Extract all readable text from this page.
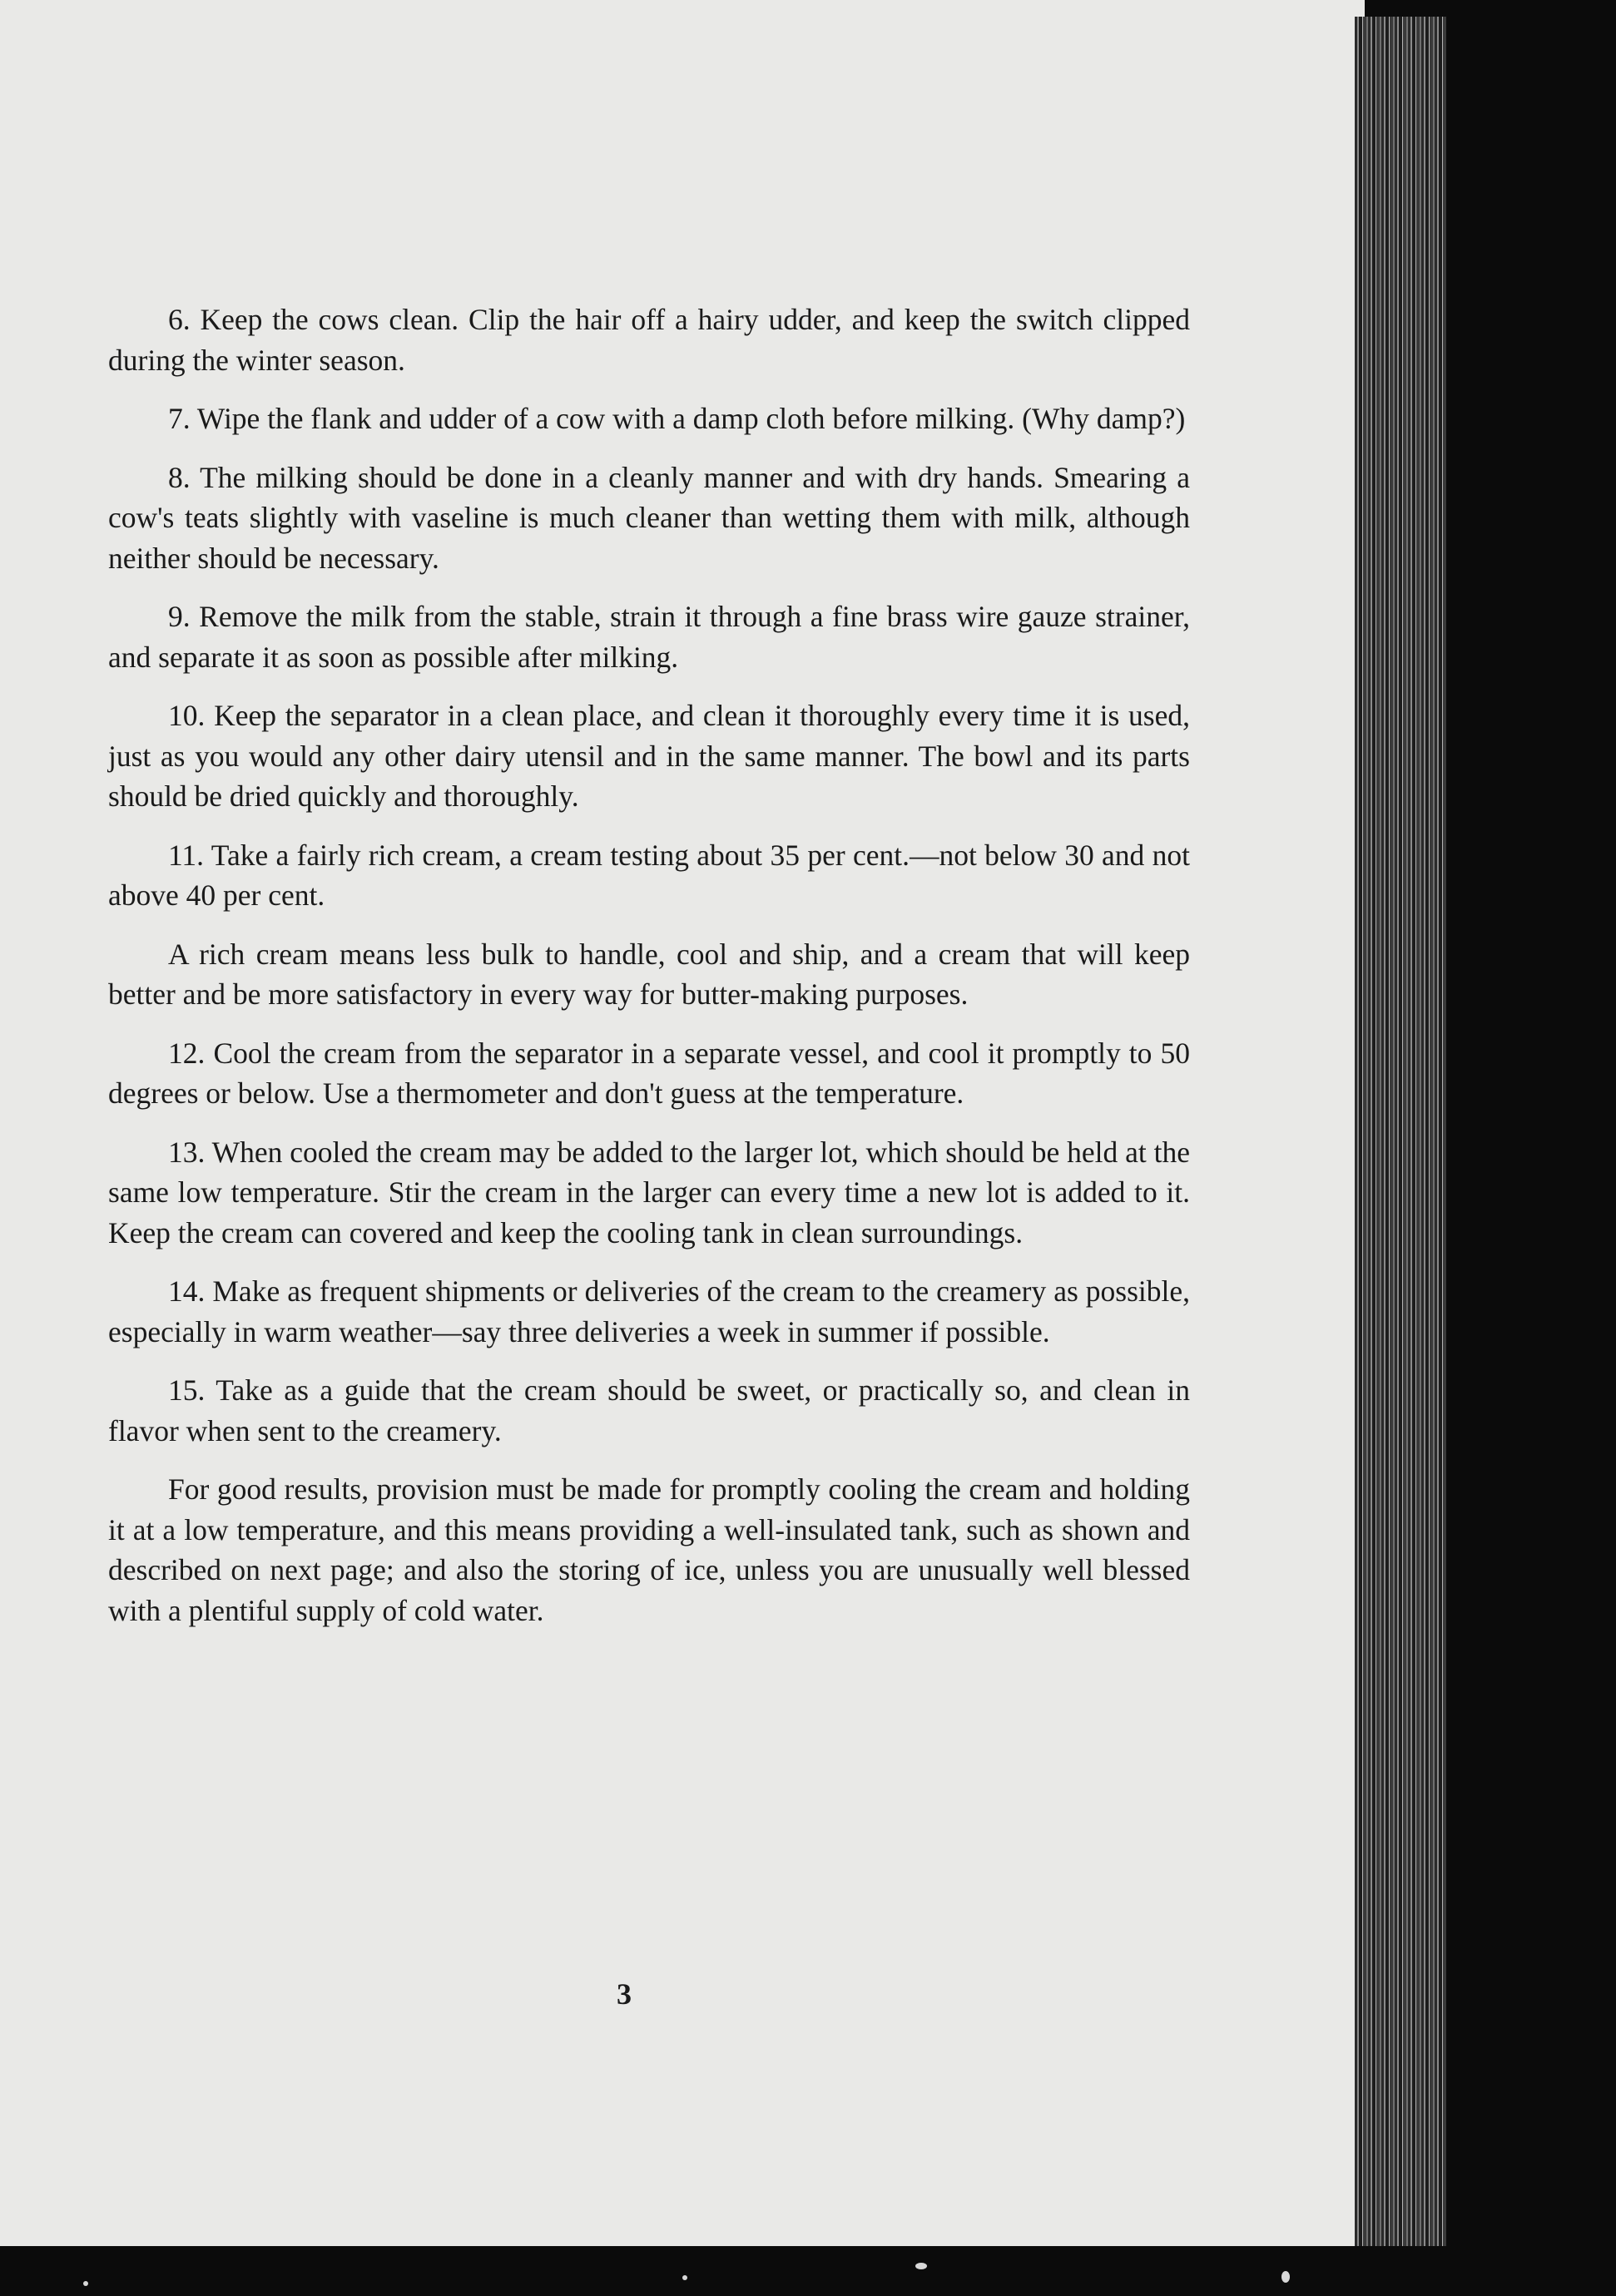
6. Keep the cows clean. Clip the hair off a hairy udder, and keep the switch clipped during the winter season.

7. Wipe the flank and udder of a cow with a damp cloth before milking. (Why damp?)

8. The milking should be done in a cleanly manner and with dry hands. Smearing a cow's teats slightly with vaseline is much cleaner than wetting them with milk, although neither should be necessary.

9. Remove the milk from the stable, strain it through a fine brass wire gauze strainer, and separate it as soon as possible after milking.

10. Keep the separator in a clean place, and clean it thoroughly every time it is used, just as you would any other dairy utensil and in the same manner. The bowl and its parts should be dried quickly and thoroughly.

11. Take a fairly rich cream, a cream testing about 35 per cent.—not below 30 and not above 40 per cent.

A rich cream means less bulk to handle, cool and ship, and a cream that will keep better and be more satisfactory in every way for butter-making purposes.

12. Cool the cream from the separator in a separate vessel, and cool it promptly to 50 degrees or below. Use a thermometer and don't guess at the temperature.

13. When cooled the cream may be added to the larger lot, which should be held at the same low temperature. Stir the cream in the larger can every time a new lot is added to it. Keep the cream can covered and keep the cooling tank in clean surroundings.

14. Make as frequent shipments or deliveries of the cream to the creamery as possible, especially in warm weather—say three deliveries a week in summer if possible.

15. Take as a guide that the cream should be sweet, or practically so, and clean in flavor when sent to the creamery.

For good results, provision must be made for promptly cooling the cream and holding it at a low temperature, and this means providing a well-insulated tank, such as shown and described on next page; and also the storing of ice, unless you are unusually well blessed with a plentiful supply of cold water.

3
